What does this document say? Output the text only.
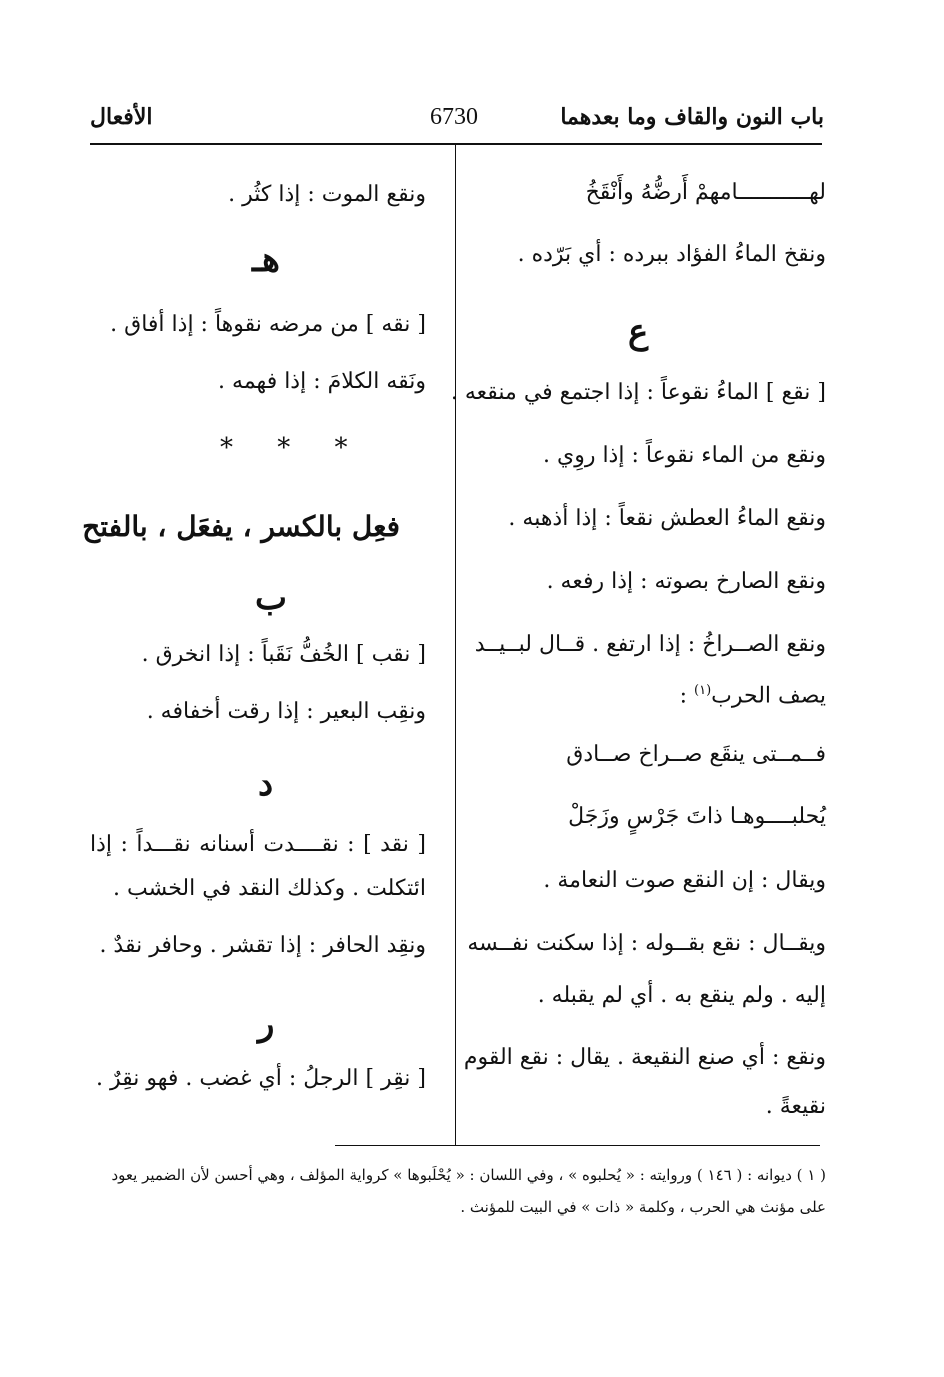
باب النون والقاف وما بعدهما
6730
الأفعال
لهـــــــــــامهمْ أَرضُّهُ وأَنْقَخُ
ونقخ الماءُ الفؤاد ببرده : أي بَرّده .
ع
[ نقع ] الماءُ نقوعاً : إذا اجتمع في منقعه .
ونقع من الماء نقوعاً : إذا روِي .
ونقع الماءُ العطش نقعاً : إذا أذهبه .
ونقع الصارخ بصوته : إذا رفعه .
ونقع الصــراخُ : إذا ارتفع . قــال لبــيــد
يصف الحرب$^{(١)}$ :
فــمــتى ينقَع صــراخ صــادق
يُحلبــــوهـا ذاتَ جَرْسٍ وزَجَلْ
ويقال : إن النقع صوت النعامة .
ويقــال : نقع بقــوله : إذا سكنت نفــسه
إليه . ولم ينقع به . أي لم يقبله .
ونقع : أي صنع النقيعة . يقال : نقع القوم
نقيعةً .
ونقع الموت : إذا كثُر .
هـ
[ نقه ] من مرضه نقوهاً : إذا أفاق .
ونَقه الكلامَ : إذا فهمه .
* * *
فعِل بالكسر ، يفعَل ، بالفتح
ب
[ نقب ] الخُفُّ نَقَباً : إذا انخرق .
ونقِب البعير : إذا رقت أخفافه .
د
[ نقد ] : نقــــدت أسنانه نقـــداً : إذا
ائتكلت . وكذلك النقد في الخشب .
ونقِد الحافر : إذا تقشر . وحافر نقدٌ .
ر
[ نقِر ] الرجلُ : أي غضب . فهو نقِرٌ .
( ١ ) ديوانه : ( ١٤٦ ) وروايته : « يُحلبوه » ، وفي اللسان : « يُحْلَبوها » كرواية المؤلف ، وهي أحسن لأن الضمير يعود
على مؤنث هي الحرب ، وكلمة « ذات » في البيت للمؤنث .
